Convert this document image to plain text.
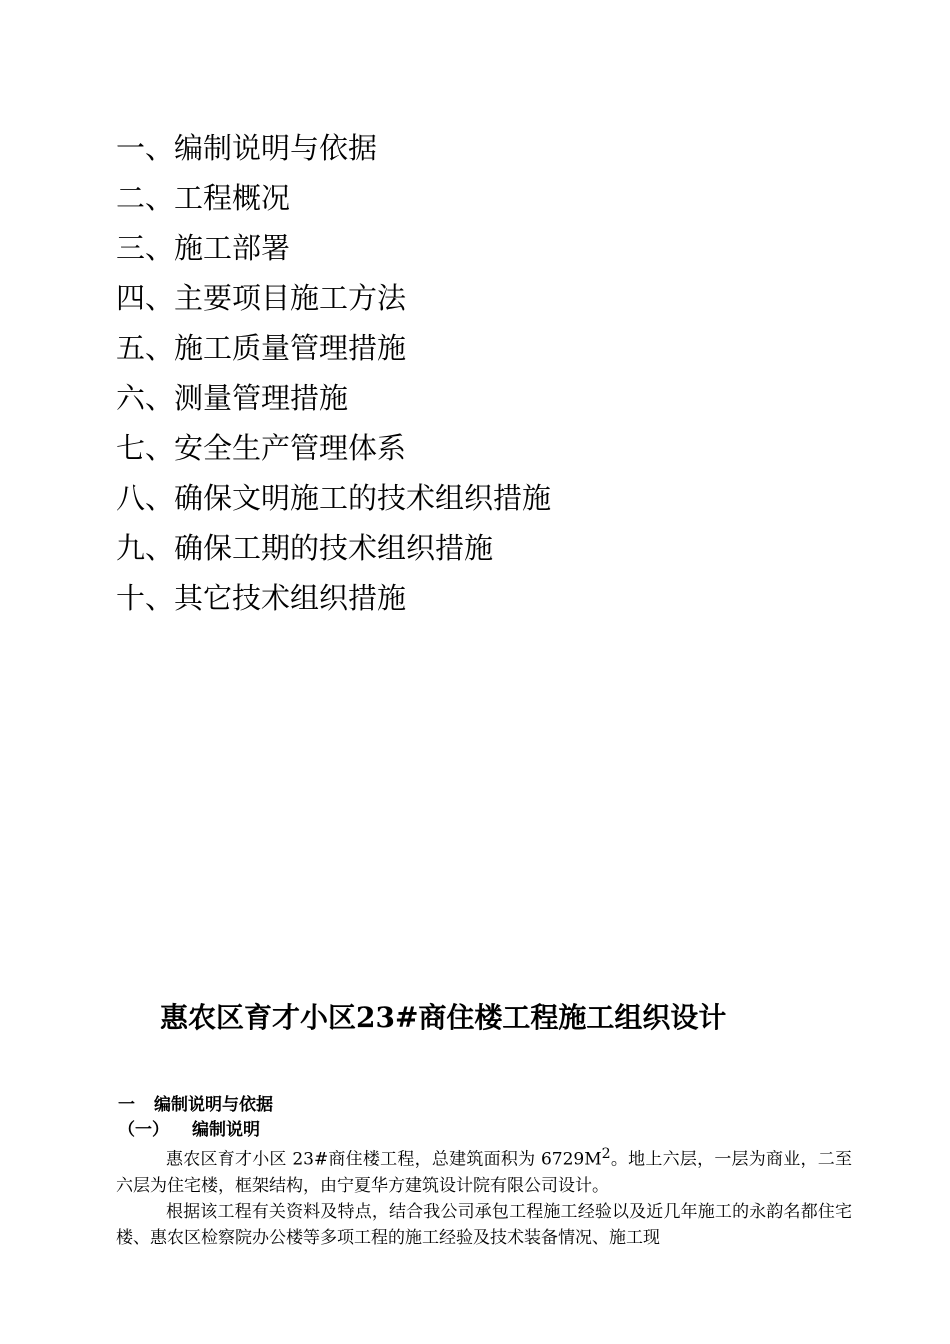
一、编制说明与依据
二、工程概况
三、施工部署
四、主要项目施工方法
五、施工质量管理措施
六、测量管理措施
七、安全生产管理体系
八、确保文明施工的技术组织措施
九、确保工期的技术组织措施
十、其它技术组织措施
惠农区育才小区23#商住楼工程施工组织设计
一 编制说明与依据
（一） 编制说明

惠农区育才小区 23#商住楼工程，总建筑面积为 $6729M^2$。地上六层，一层为商业，二至六层为住宅楼，框架结构，由宁夏华方建筑设计院有限公司设计。

根据该工程有关资料及特点，结合我公司承包工程施工经验以及近几年施工的永韵名都住宅楼、惠农区检察院办公楼等多项工程的施工经验及技术装备情况、施工现
